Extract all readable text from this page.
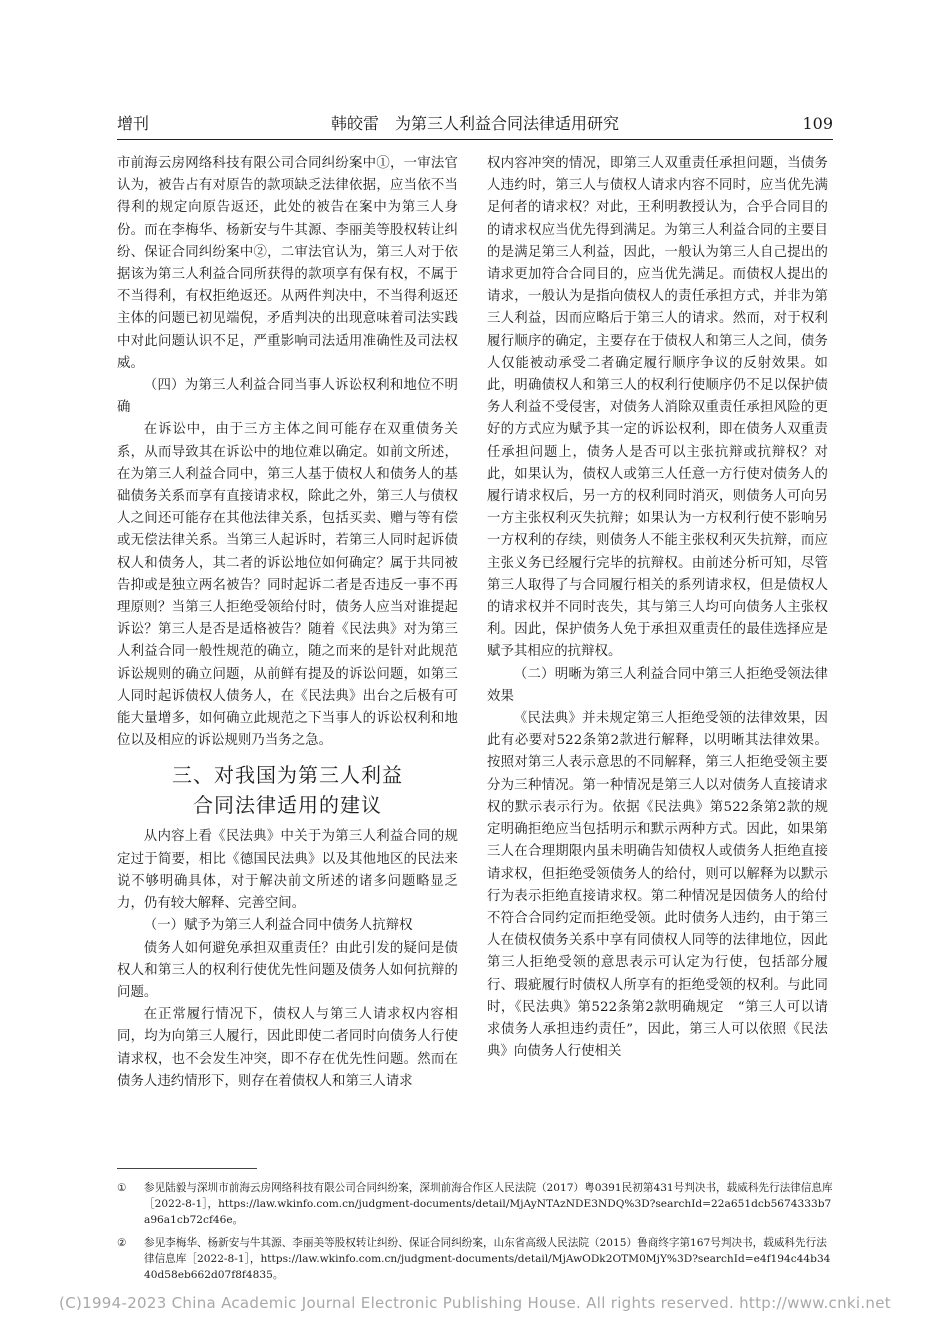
增刊	韩皎雷　为第三人利益合同法律适用研究	109

市前海云房网络科技有限公司合同纠纷案中①，一审法官认为，被告占有对原告的款项缺乏法律依据，应当依不当得利的规定向原告返还，此处的被告在案中为第三人身份。而在李梅华、杨新安与牛其源、李丽美等股权转让纠纷、保证合同纠纷案中②，二审法官认为，第三人对于依据该为第三人利益合同所获得的款项享有保有权，不属于不当得利，有权拒绝返还。从两件判决中，不当得利返还主体的问题已初见端倪，矛盾判决的出现意味着司法实践中对此问题认识不足，严重影响司法适用准确性及司法权威。

（四）为第三人利益合同当事人诉讼权利和地位不明确

在诉讼中，由于三方主体之间可能存在双重债务关系，从而导致其在诉讼中的地位难以确定。如前文所述，在为第三人利益合同中，第三人基于债权人和债务人的基础债务关系而享有直接请求权，除此之外，第三人与债权人之间还可能存在其他法律关系，包括买卖、赠与等有偿或无偿法律关系。当第三人起诉时，若第三人同时起诉债权人和债务人，其二者的诉讼地位如何确定？属于共同被告抑或是独立两名被告？同时起诉二者是否违反一事不再理原则？当第三人拒绝受领给付时，债务人应当对谁提起诉讼？第三人是否是适格被告？随着《民法典》对为第三人利益合同一般性规范的确立，随之而来的是针对此规范诉讼规则的确立问题，从前鲜有提及的诉讼问题，如第三人同时起诉债权人债务人，在《民法典》出台之后极有可能大量增多，如何确立此规范之下当事人的诉讼权利和地位以及相应的诉讼规则乃当务之急。

三、对我国为第三人利益
合同法律适用的建议

从内容上看《民法典》中关于为第三人利益合同的规定过于简要，相比《德国民法典》以及其他地区的民法来说不够明确具体，对于解决前文所述的诸多问题略显乏力，仍有较大解释、完善空间。

（一）赋予为第三人利益合同中债务人抗辩权

债务人如何避免承担双重责任？由此引发的疑问是债权人和第三人的权利行使优先性问题及债务人如何抗辩的问题。

在正常履行情况下，债权人与第三人请求权内容相同，均为向第三人履行，因此即使二者同时向债务人行使请求权，也不会发生冲突，即不存在优先性问题。然而在债务人违约情形下，则存在着债权人和第三人请求

权内容冲突的情况，即第三人双重责任承担问题，当债务人违约时，第三人与债权人请求内容不同时，应当优先满足何者的请求权？对此，王利明教授认为，合乎合同目的的请求权应当优先得到满足。为第三人利益合同的主要目的是满足第三人利益，因此，一般认为第三人自己提出的请求更加符合合同目的，应当优先满足。而债权人提出的请求，一般认为是指向债权人的责任承担方式，并非为第三人利益，因而应略后于第三人的请求。然而，对于权利履行顺序的确定，主要存在于债权人和第三人之间，债务人仅能被动承受二者确定履行顺序争议的反射效果。如此，明确债权人和第三人的权利行使顺序仍不足以保护债务人利益不受侵害，对债务人消除双重责任承担风险的更好的方式应为赋予其一定的诉讼权利，即在债务人双重责任承担问题上，债务人是否可以主张抗辩或抗辩权？对此，如果认为，债权人或第三人任意一方行使对债务人的履行请求权后，另一方的权利同时消灭，则债务人可向另一方主张权利灭失抗辩；如果认为一方权利行使不影响另一方权利的存续，则债务人不能主张权利灭失抗辩，而应主张义务已经履行完毕的抗辩权。由前述分析可知，尽管第三人取得了与合同履行相关的系列请求权，但是债权人的请求权并不同时丧失，其与第三人均可向债务人主张权利。因此，保护债务人免于承担双重责任的最佳选择应是赋予其相应的抗辩权。

（二）明晰为第三人利益合同中第三人拒绝受领法律效果

《民法典》并未规定第三人拒绝受领的法律效果，因此有必要对522条第2款进行解释，以明晰其法律效果。按照对第三人表示意思的不同解释，第三人拒绝受领主要分为三种情况。第一种情况是第三人以对债务人直接请求权的默示表示行为。依据《民法典》第522条第2款的规定明确拒绝应当包括明示和默示两种方式。因此，如果第三人在合理期限内虽未明确告知债权人或债务人拒绝直接请求权，但拒绝受领债务人的给付，则可以解释为以默示行为表示拒绝直接请求权。第二种情况是因债务人的给付不符合合同约定而拒绝受领。此时债务人违约，由于第三人在债权债务关系中享有同债权人同等的法律地位，因此第三人拒绝受领的意思表示可认定为行使，包括部分履行、瑕疵履行时债权人所享有的拒绝受领的权利。与此同时，《民法典》第522条第2款明确规定　“第三人可以请求债务人承担违约责任”，因此，第三人可以依照《民法典》向债务人行使相关

① 参见陆毅与深圳市前海云房网络科技有限公司合同纠纷案，深圳前海合作区人民法院（2017）粤0391民初第431号判决书，载威科先行法律信息库［2022-8-1］，https://law.wkinfo.com.cn/judgment-documents/detail/MjAyNTAzNDE3NDQ%3D?searchId=22a651dcb5674333b7a96a1cb72cf46e。
② 参见李梅华、杨新安与牛其源、李丽美等股权转让纠纷、保证合同纠纷案，山东省高级人民法院（2015）鲁商终字第167号判决书，载威科先行法律信息库［2022-8-1］，https://law.wkinfo.com.cn/judgment-documents/detail/MjAwODk2OTM0MjY%3D?searchId=e4f194c44b3440d58eb662d07f8f4835。
(C)1994-2023 China Academic Journal Electronic Publishing House. All rights reserved. http://www.cnki.net
